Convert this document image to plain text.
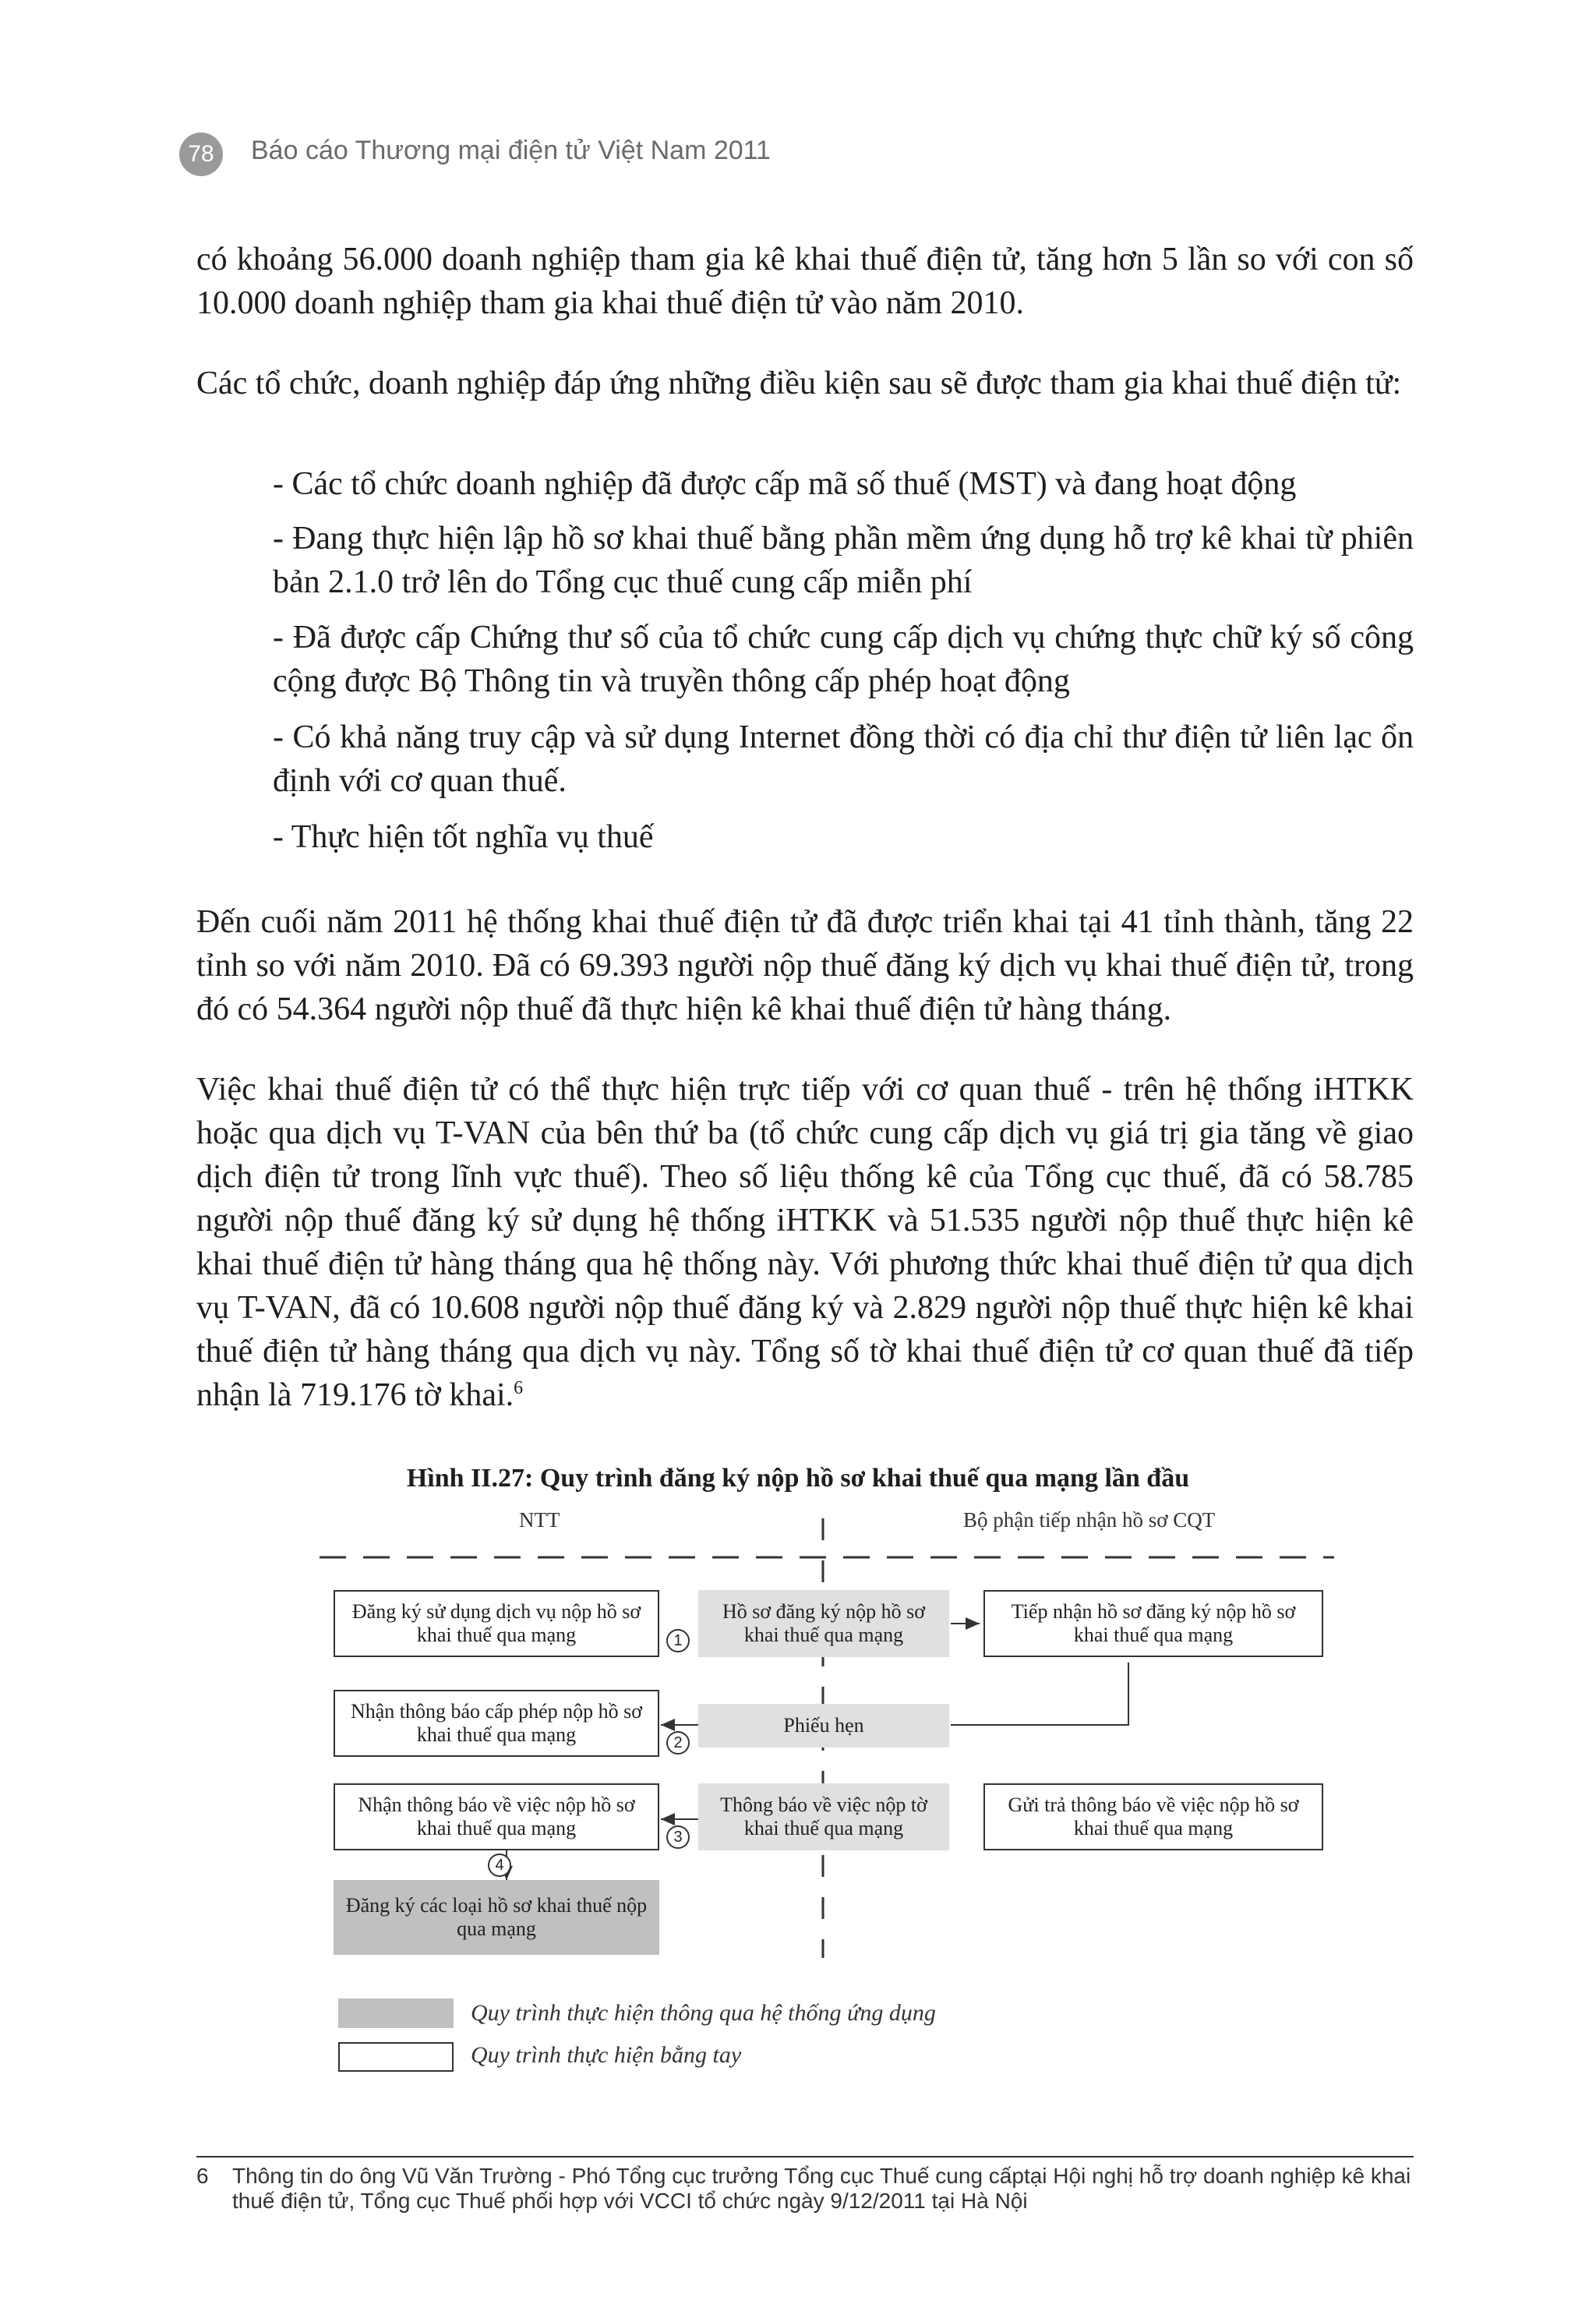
78	Báo cáo Thương mại điện tử Việt Nam 2011

có khoảng 56.000 doanh nghiệp tham gia kê khai thuế điện tử, tăng hơn 5 lần so với con số 10.000 doanh nghiệp tham gia khai thuế điện tử vào năm 2010.

Các tổ chức, doanh nghiệp đáp ứng những điều kiện sau sẽ được tham gia khai thuế điện tử:

- Các tổ chức doanh nghiệp đã được cấp mã số thuế (MST) và đang hoạt động

- Đang thực hiện lập hồ sơ khai thuế bằng phần mềm ứng dụng hỗ trợ kê khai từ phiên bản 2.1.0 trở lên do Tổng cục thuế cung cấp miễn phí

- Đã được cấp Chứng thư số của tổ chức cung cấp dịch vụ chứng thực chữ ký số công cộng được Bộ Thông tin và truyền thông cấp phép hoạt động

- Có khả năng truy cập và sử dụng Internet đồng thời có địa chỉ thư điện tử liên lạc ổn định với cơ quan thuế.

- Thực hiện tốt nghĩa vụ thuế

Đến cuối năm 2011 hệ thống khai thuế điện tử đã được triển khai tại 41 tỉnh thành, tăng 22 tỉnh so với năm 2010. Đã có 69.393 người nộp thuế đăng ký dịch vụ khai thuế điện tử, trong đó có 54.364 người nộp thuế đã thực hiện kê khai thuế điện tử hàng tháng.

Việc khai thuế điện tử có thể thực hiện trực tiếp với cơ quan thuế - trên hệ thống iHTKK hoặc qua dịch vụ T-VAN của bên thứ ba (tổ chức cung cấp dịch vụ giá trị gia tăng về giao dịch điện tử trong lĩnh vực thuế). Theo số liệu thống kê của Tổng cục thuế, đã có 58.785 người nộp thuế đăng ký sử dụng hệ thống iHTKK và 51.535 người nộp thuế thực hiện kê khai thuế điện tử hàng tháng qua hệ thống này. Với phương thức khai thuế điện tử qua dịch vụ T-VAN, đã có 10.608 người nộp thuế đăng ký và 2.829 người nộp thuế thực hiện kê khai thuế điện tử hàng tháng qua dịch vụ này. Tổng số tờ khai thuế điện tử cơ quan thuế đã tiếp nhận là 719.176 tờ khai.$^6$

Hình II.27: Quy trình đăng ký nộp hồ sơ khai thuế qua mạng lần đầu
NTT	Bộ phận tiếp nhận hồ sơ CQT
Đăng ký sử dụng dịch vụ nộp hồ sơ khai thuế qua mạng
Hồ sơ đăng ký nộp hồ sơ khai thuế qua mạng
Tiếp nhận hồ sơ đăng ký nộp hồ sơ khai thuế qua mạng
Nhận thông báo cấp phép nộp hồ sơ khai thuế qua mạng	Phiếu hẹn
Nhận thông báo về việc nộp hồ sơ khai thuế qua mạng
Thông báo về việc nộp tờ khai thuế qua mạng
Gửi trả thông báo về việc nộp hồ sơ khai thuế qua mạng
Đăng ký các loại hồ sơ khai thuế nộp qua mạng
1
2
3
4
Quy trình thực hiện thông qua hệ thống ứng dụng
Quy trình thực hiện bằng tay
6 Thông tin do ông Vũ Văn Trường - Phó Tổng cục trưởng Tổng cục Thuế cung cấptại Hội nghị hỗ trợ doanh nghiệp kê khai thuế điện tử, Tổng cục Thuế phối hợp với VCCI tổ chức ngày 9/12/2011 tại Hà Nội
